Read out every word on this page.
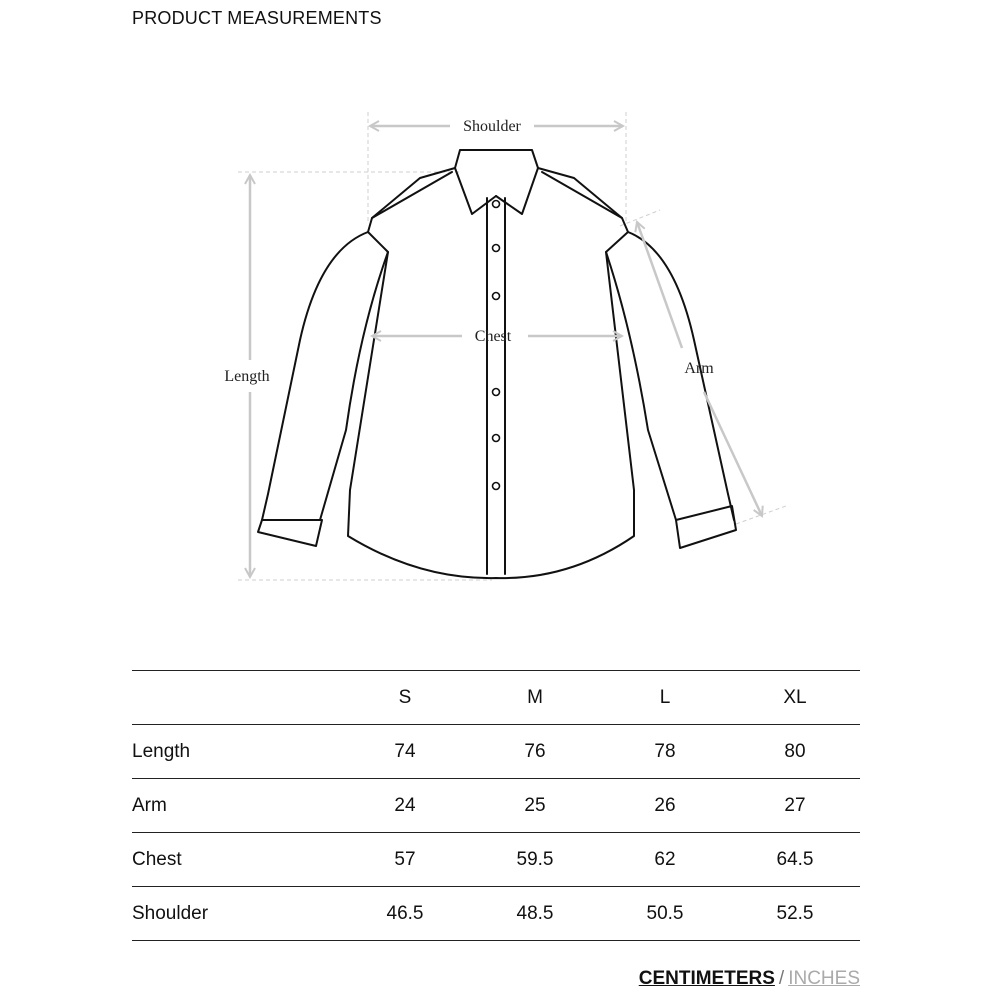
PRODUCT MEASUREMENTS
Shoulder
Chest
Length	Arm
	S	M	L	XL
Length	74	76	78	80
Arm	24	25	26	27
Chest	57	59.5	62	64.5
Shoulder	46.5	48.5	50.5	52.5
CENTIMETERS / INCHES
